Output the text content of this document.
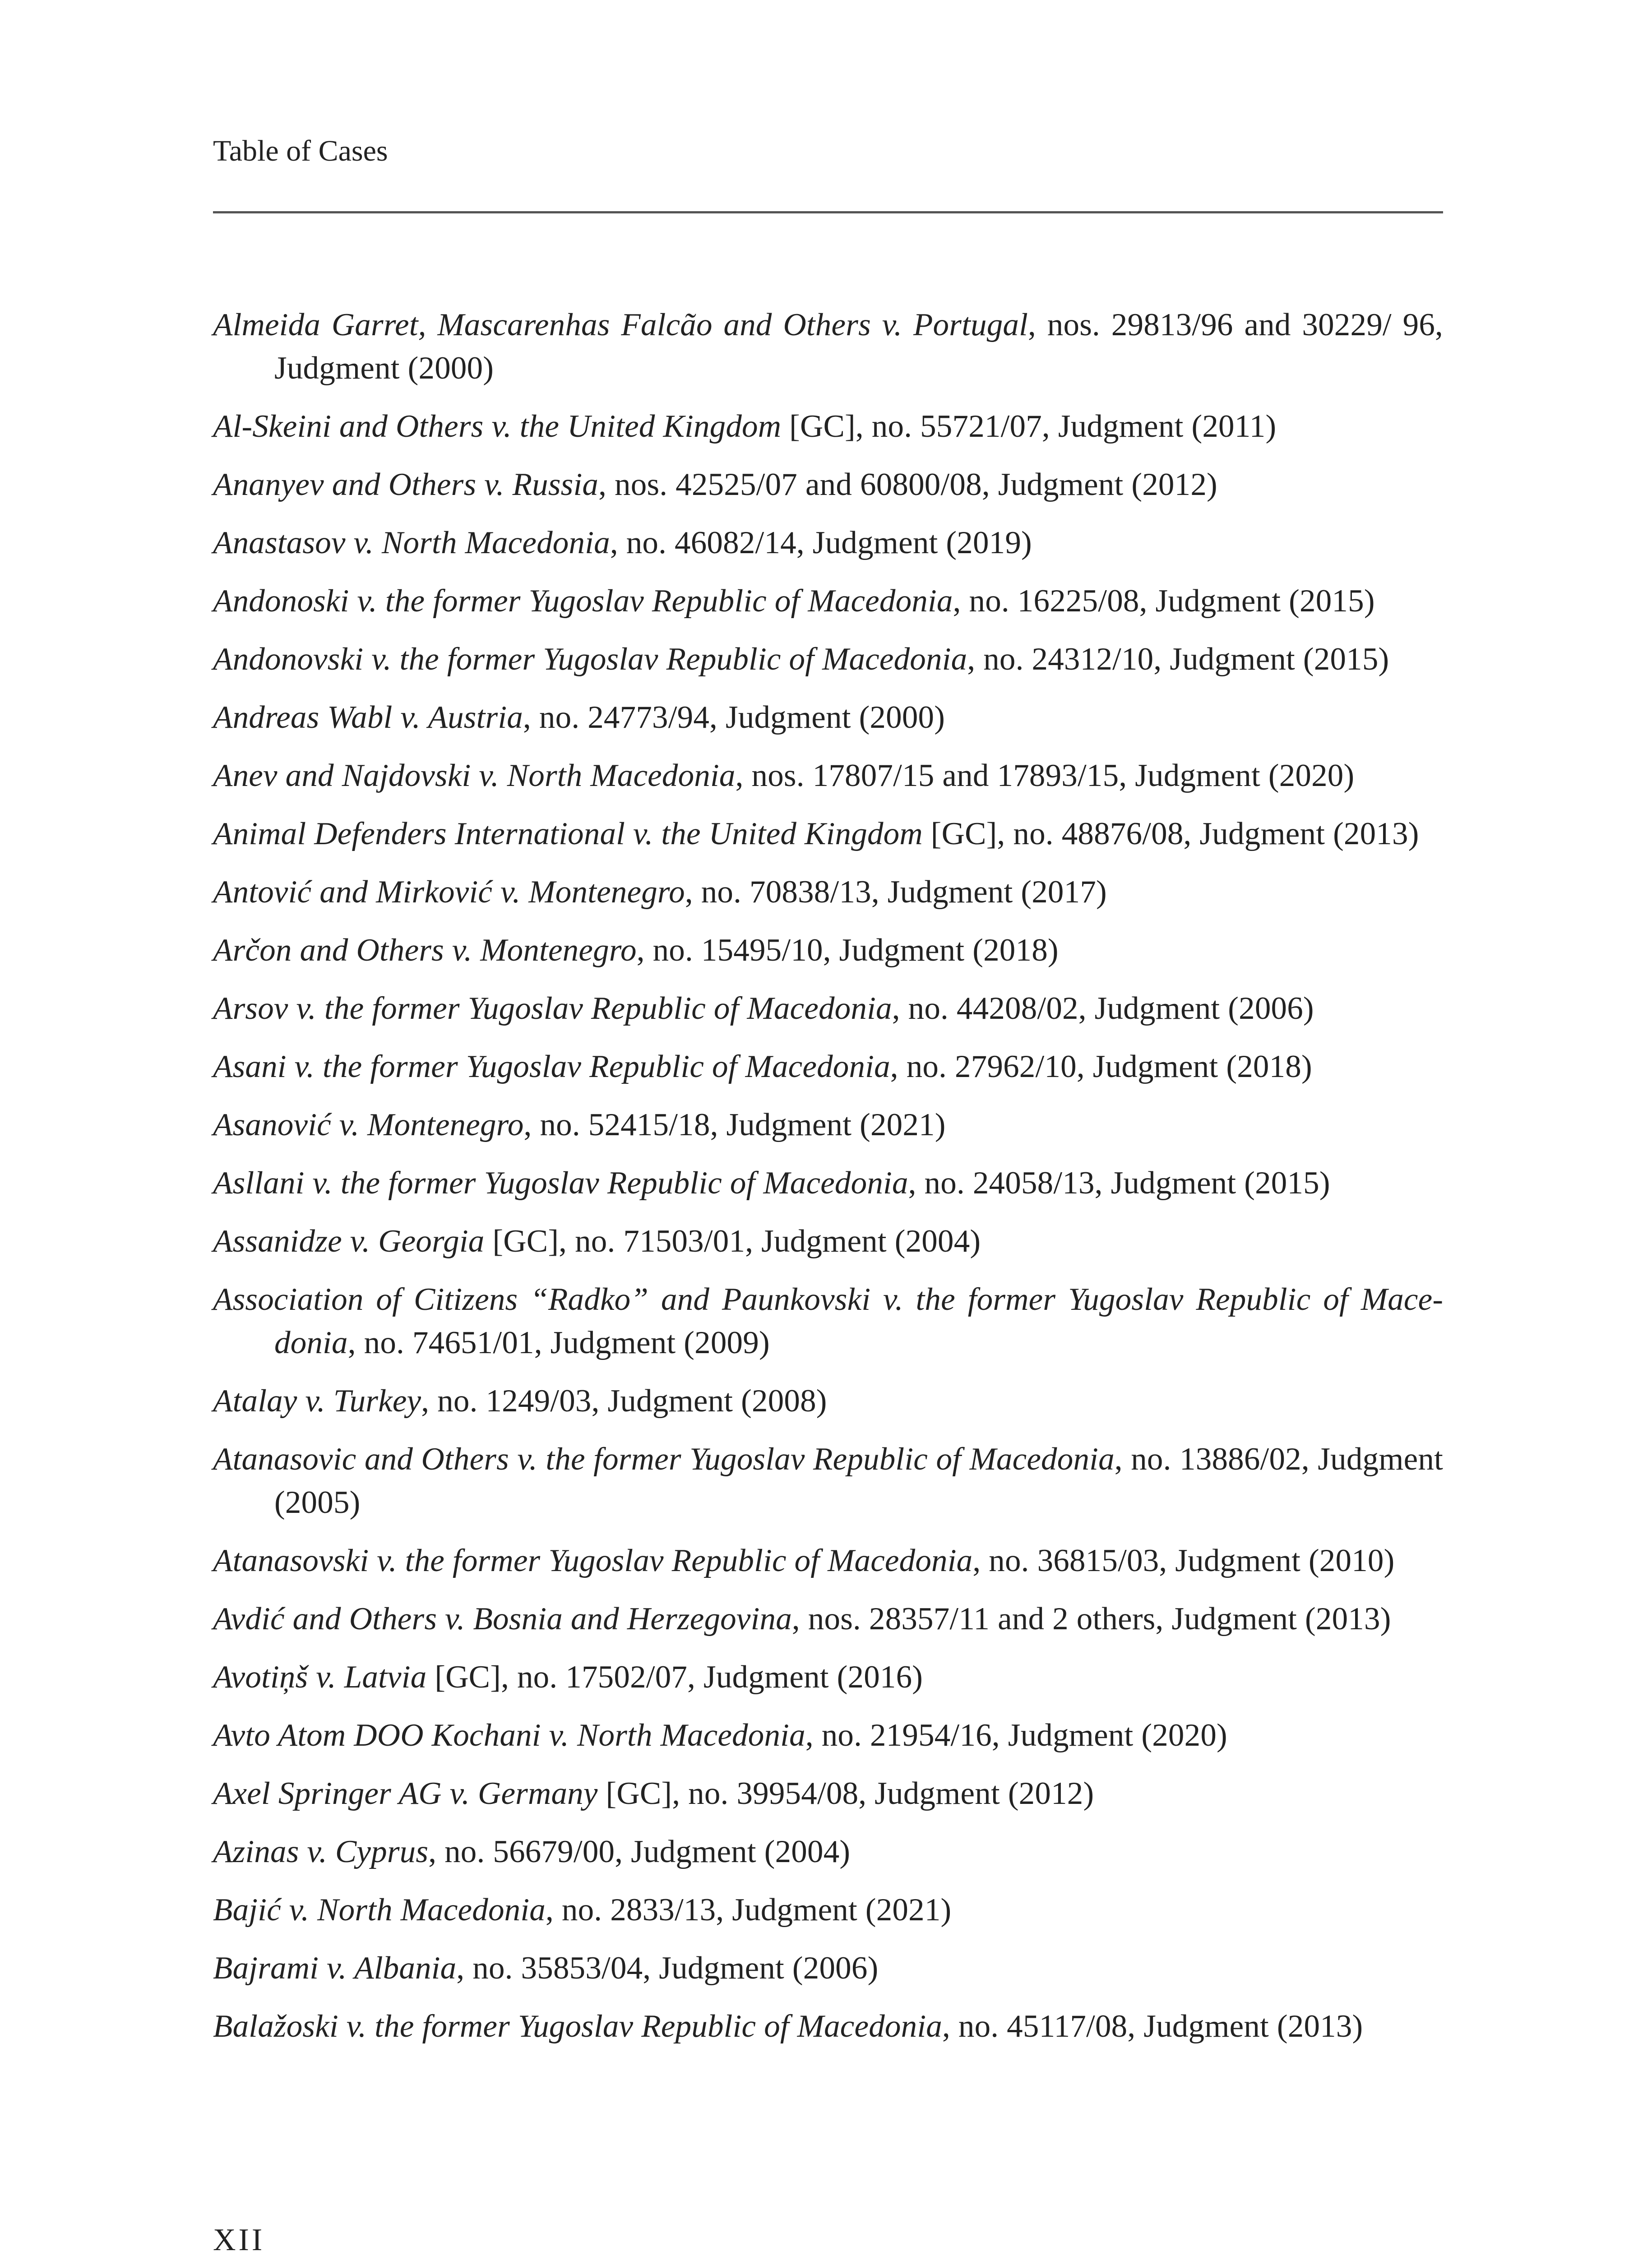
Table of Cases
Almeida Garret, Mascarenhas Falcão and Others v. Portugal, nos. 29813/96 and 30229/ 96, Judgment (2000)
Al-Skeini and Others v. the United Kingdom [GC], no. 55721/07, Judgment (2011)
Ananyev and Others v. Russia, nos. 42525/07 and 60800/08, Judgment (2012)
Anastasov v. North Macedonia, no. 46082/14, Judgment (2019)
Andonoski v. the former Yugoslav Republic of Macedonia, no. 16225/08, Judgment (2015)
Andonovski v. the former Yugoslav Republic of Macedonia, no. 24312/10, Judgment (2015)
Andreas Wabl v. Austria, no. 24773/94, Judgment (2000)
Anev and Najdovski v. North Macedonia, nos. 17807/15 and 17893/15, Judgment (2020)
Animal Defenders International v. the United Kingdom [GC], no. 48876/08, Judgment (2013)
Antović and Mirković v. Montenegro, no. 70838/13, Judgment (2017)
Arčon and Others v. Montenegro, no. 15495/10, Judgment (2018)
Arsov v. the former Yugoslav Republic of Macedonia, no. 44208/02, Judgment (2006)
Asani v. the former Yugoslav Republic of Macedonia, no. 27962/10, Judgment (2018)
Asanović v. Montenegro, no. 52415/18, Judgment (2021)
Asllani v. the former Yugoslav Republic of Macedonia, no. 24058/13, Judgment (2015)
Assanidze v. Georgia [GC], no. 71503/01, Judgment (2004)
Association of Citizens “Radko” and Paunkovski v. the former Yugoslav Republic of Macedonia, no. 74651/01, Judgment (2009)
Atalay v. Turkey, no. 1249/03, Judgment (2008)
Atanasovic and Others v. the former Yugoslav Republic of Macedonia, no. 13886/02, Judgment (2005)
Atanasovski v. the former Yugoslav Republic of Macedonia, no. 36815/03, Judgment (2010)
Avdić and Others v. Bosnia and Herzegovina, nos. 28357/11 and 2 others, Judgment (2013)
Avotiņš v. Latvia [GC], no. 17502/07, Judgment (2016)
Avto Atom DOO Kochani v. North Macedonia, no. 21954/16, Judgment (2020)
Axel Springer AG v. Germany [GC], no. 39954/08, Judgment (2012)
Azinas v. Cyprus, no. 56679/00, Judgment (2004)
Bajić v. North Macedonia, no. 2833/13, Judgment (2021)
Bajrami v. Albania, no. 35853/04, Judgment (2006)
Balažoski v. the former Yugoslav Republic of Macedonia, no. 45117/08, Judgment (2013)
XII
